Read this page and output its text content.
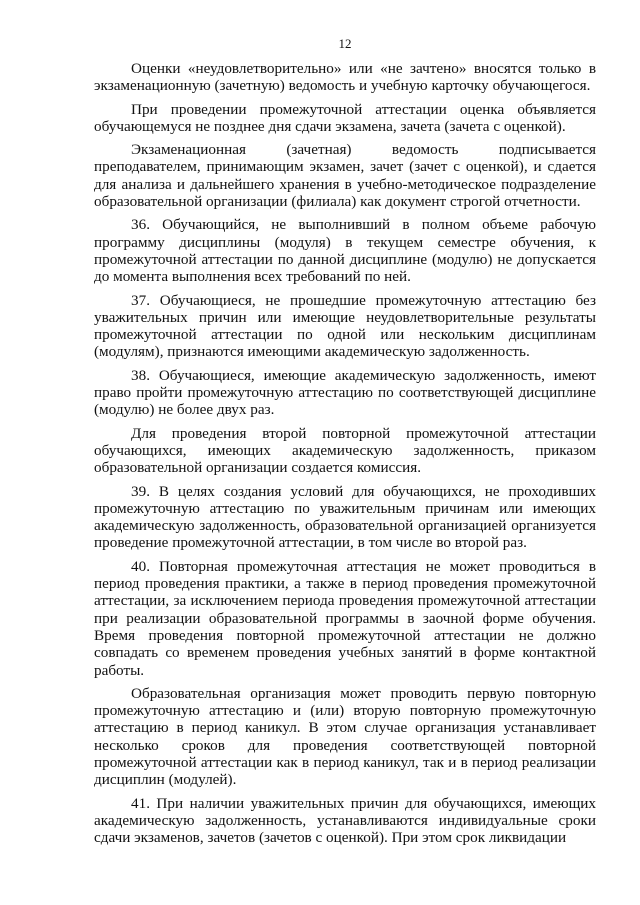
12

Оценки «неудовлетворительно» или «не зачтено» вносятся только в экзаменационную (зачетную) ведомость и учебную карточку обучающегося.

При проведении промежуточной аттестации оценка объявляется обучающемуся не позднее дня сдачи экзамена, зачета (зачета с оценкой).

Экзаменационная (зачетная) ведомость подписывается преподавателем, принимающим экзамен, зачет (зачет с оценкой), и сдается для анализа и дальнейшего хранения в учебно-методическое подразделение образовательной организации (филиала) как документ строгой отчетности.

36. Обучающийся, не выполнивший в полном объеме рабочую программу дисциплины (модуля) в текущем семестре обучения, к промежуточной аттестации по данной дисциплине (модулю) не допускается до момента выполнения всех требований по ней.

37. Обучающиеся, не прошедшие промежуточную аттестацию без уважительных причин или имеющие неудовлетворительные результаты промежуточной аттестации по одной или нескольким дисциплинам (модулям), признаются имеющими академическую задолженность.

38. Обучающиеся, имеющие академическую задолженность, имеют право пройти промежуточную аттестацию по соответствующей дисциплине (модулю) не более двух раз.

Для проведения второй повторной промежуточной аттестации обучающихся, имеющих академическую задолженность, приказом образовательной организации создается комиссия.

39. В целях создания условий для обучающихся, не проходивших промежуточную аттестацию по уважительным причинам или имеющих академическую задолженность, образовательной организацией организуется проведение промежуточной аттестации, в том числе во второй раз.

40. Повторная промежуточная аттестация не может проводиться в период проведения практики, а также в период проведения промежуточной аттестации, за исключением периода проведения промежуточной аттестации при реализации образовательной программы в заочной форме обучения. Время проведения повторной промежуточной аттестации не должно совпадать со временем проведения учебных занятий в форме контактной работы.

Образовательная организация может проводить первую повторную промежуточную аттестацию и (или) вторую повторную промежуточную аттестацию в период каникул. В этом случае организация устанавливает несколько сроков для проведения соответствующей повторной промежуточной аттестации как в период каникул, так и в период реализации дисциплин (модулей).

41. При наличии уважительных причин для обучающихся, имеющих академическую задолженность, устанавливаются индивидуальные сроки сдачи экзаменов, зачетов (зачетов с оценкой). При этом срок ликвидации
